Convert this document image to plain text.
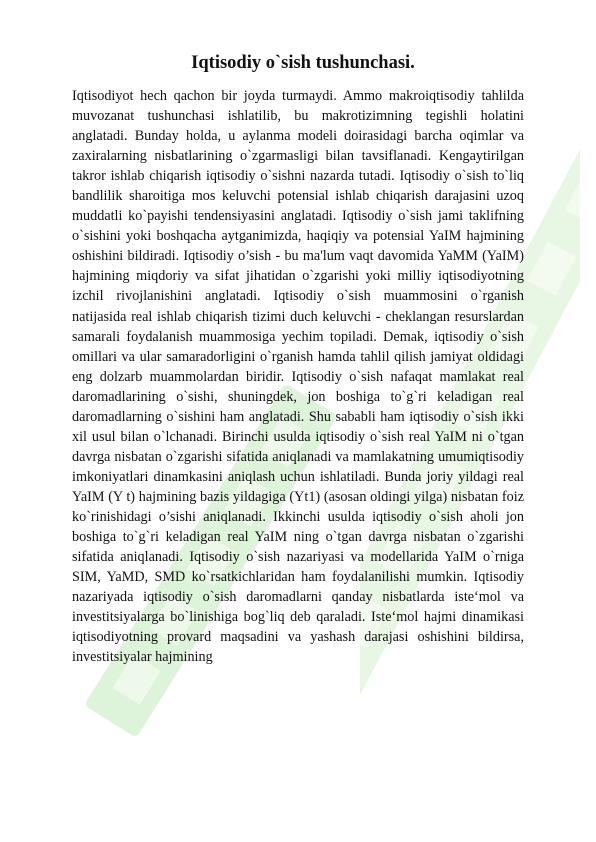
Iqtisodiy o`sish tushunchasi.

Iqtisodiyot hech qachon bir joyda turmaydi. Ammo makroiqtisodiy tahlilda muvozanat tushunchasi ishlatilib, bu makrotizimning tegishli holatini anglatadi. Bunday holda, u aylanma modeli doirasidagi barcha oqimlar va zaxiralarning nisbatlarining o`zgarmasligi bilan tavsiflanadi. Kengaytirilgan takror ishlab chiqarish iqtisodiy o`sishni nazarda tutadi. Iqtisodiy o`sish to`liq bandlilik sharoitiga mos keluvchi potensial ishlab chiqarish darajasini uzoq muddatli ko`payishi tendensiyasini anglatadi. Iqtisodiy o`sish jami taklifning o`sishini yoki boshqacha aytganimizda, haqiqiy va potensial YaIM hajmining oshishini bildiradi. Iqtisodiy o’sish - bu ma'lum vaqt davomida YaMM (YaIM) hajmining miqdoriy va sifat jihatidan o`zgarishi yoki milliy iqtisodiyotning izchil rivojlanishini anglatadi. Iqtisodiy o`sish muammosini o`rganish natijasida real ishlab chiqarish tizimi duch keluvchi - cheklangan resurslardan samarali foydalanish muammosiga yechim topiladi. Demak, iqtisodiy o`sish omillari va ular samaradorligini o`rganish hamda tahlil qilish jamiyat oldidagi eng dolzarb muammolardan biridir. Iqtisodiy o`sish nafaqat mamlakat real daromadlarining o`sishi, shuningdek, jon boshiga to`g`ri keladigan real daromadlarning o`sishini ham anglatadi. Shu sababli ham iqtisodiy o`sish ikki xil usul bilan o`lchanadi. Birinchi usulda iqtisodiy o`sish real YaIM ni o`tgan davrga nisbatan o`zgarishi sifatida aniqlanadi va mamlakatning umumiqtisodiy imkoniyatlari dinamkasini aniqlash uchun ishlatiladi. Bunda joriy yildagi real YaIM (Y t) hajmining bazis yildagiga (Yt1) (asosan oldingi yilga) nisbatan foiz ko`rinishidagi o’sishi aniqlanadi. Ikkinchi usulda iqtisodiy o`sish aholi jon boshiga to`g`ri keladigan real YaIM ning o`tgan davrga nisbatan o`zgarishi sifatida aniqlanadi. Iqtisodiy o`sish nazariyasi va modellarida YaIM o`rniga SIM, YaMD, SMD ko`rsatkichlaridan ham foydalanilishi mumkin. Iqtisodiy nazariyada iqtisodiy o`sish daromadlarni qanday nisbatlarda iste‘mol va investitsiyalarga bo`linishiga bog`liq deb qaraladi. Iste‘mol hajmi dinamikasi iqtisodiyotning provard maqsadini va yashash darajasi oshishini bildirsa, investitsiyalar hajmining
